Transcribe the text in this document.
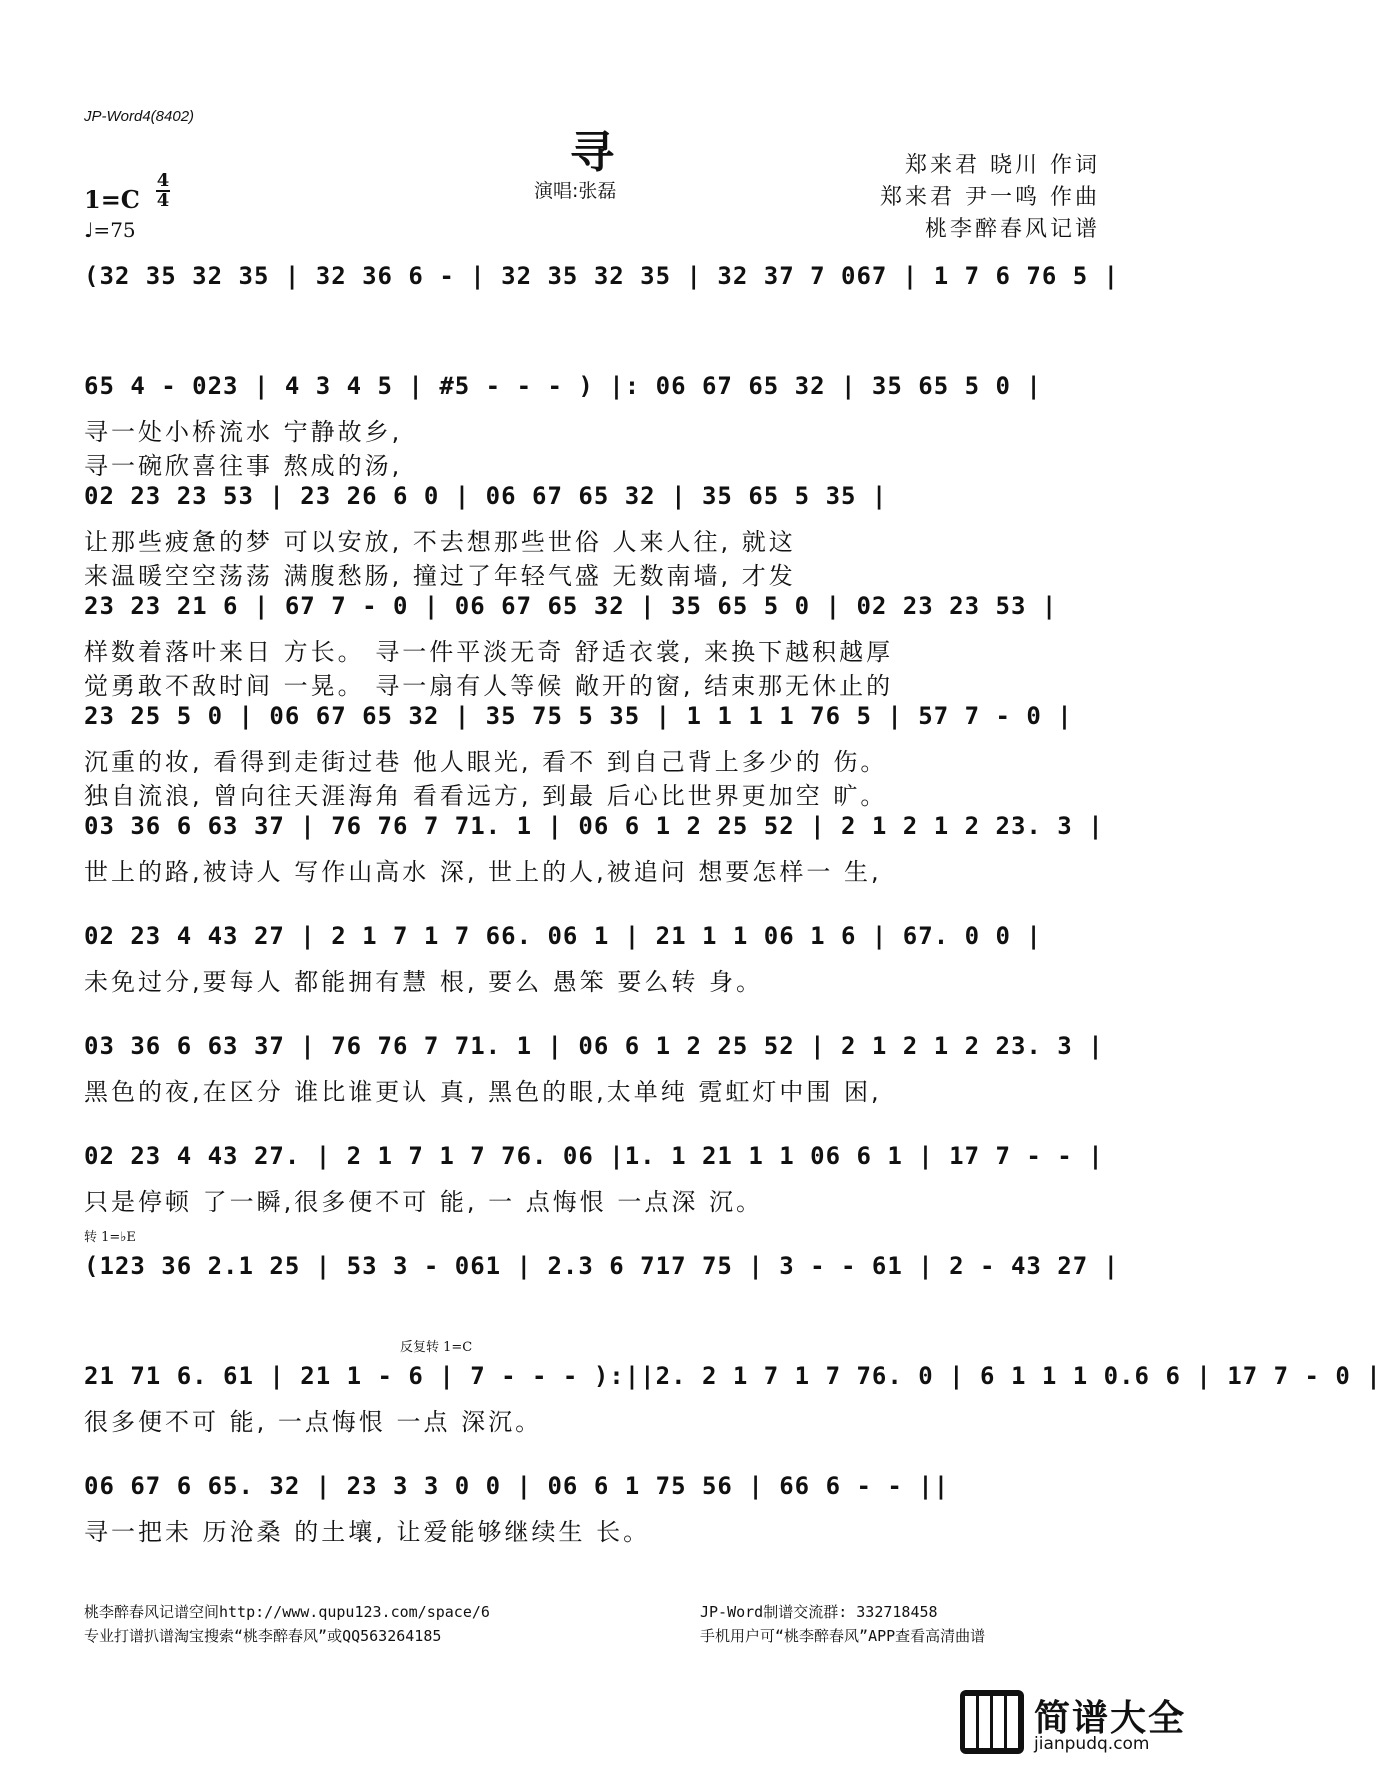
JP-Word4(8402)
寻
演唱:张磊
郑来君 晓川 作词
郑来君 尹一鸣 作曲
桃李醉春风记谱
1=C
4
4
♩=75
(32 35 32 35 | 32 36 6 - | 32 35 32 35 | 32 37 7 067 | 1 7 6 76 5 |
65 4 - 023 | 4 3 4 5 | #5 - - - ) |: 06 67 65 32 | 35 65 5 0 |
寻一处小桥流水 宁静故乡,
寻一碗欣喜往事 熬成的汤,
02 23 23 53 | 23 26 6 0 | 06 67 65 32 | 35 65 5 35 |
让那些疲惫的梦 可以安放, 不去想那些世俗 人来人往, 就这
来温暖空空荡荡 满腹愁肠, 撞过了年轻气盛 无数南墙, 才发
23 23 21 6 | 67 7 - 0 | 06 67 65 32 | 35 65 5 0 | 02 23 23 53 |
样数着落叶来日 方长。 寻一件平淡无奇 舒适衣裳, 来换下越积越厚
觉勇敢不敌时间 一晃。 寻一扇有人等候 敞开的窗, 结束那无休止的
23 25 5 0 | 06 67 65 32 | 35 75 5 35 | 1 1 1 1 76 5 | 57 7 - 0 |
沉重的妆, 看得到走街过巷 他人眼光, 看不 到自己背上多少的 伤。
独自流浪, 曾向往天涯海角 看看远方, 到最 后心比世界更加空 旷。
03 36 6 63 37 | 76 76 7 71. 1 | 06 6 1 2 25 52 | 2 1 2 1 2 23. 3 |
世上的路,被诗人 写作山高水 深, 世上的人,被追问 想要怎样一 生,
02 23 4 43 27 | 2 1 7 1 7 66. 06 1 | 21 1 1 06 1 6 | 67. 0 0 |
未免过分,要每人 都能拥有慧 根, 要么 愚笨 要么转 身。
03 36 6 63 37 | 76 76 7 71. 1 | 06 6 1 2 25 52 | 2 1 2 1 2 23. 3 |
黑色的夜,在区分 谁比谁更认 真, 黑色的眼,太单纯 霓虹灯中围 困,
02 23 4 43 27. | 2 1 7 1 7 76. 06 |1. 1 21 1 1 06 6 1 | 17 7 - - |
只是停顿 了一瞬,很多便不可 能, 一 点悔恨 一点深 沉。
转 1=♭E
(123 36 2.1 25 | 53 3 - 061 | 2.3 6 717 75 | 3 - - 61 | 2 - 43 27 |
反复转 1=C
21 71 6. 61 | 21 1 - 6 | 7 - - - ):||2. 2 1 7 1 7 76. 0 | 6 1 1 1 0.6 6 | 17 7 - 0 |
很多便不可 能, 一点悔恨 一点 深沉。
06 67 6 65. 32 | 23 3 3 0 0 | 06 6 1 75 56 | 66 6 - - ||
寻一把未 历沧桑 的土壤, 让爱能够继续生 长。
桃李醉春风记谱空间http://www.qupu123.com/space/6
专业打谱扒谱淘宝搜索“桃李醉春风”或QQ563264185
JP-Word制谱交流群: 332718458
手机用户可“桃李醉春风”APP查看高清曲谱
简谱大全
jianpudq.com
